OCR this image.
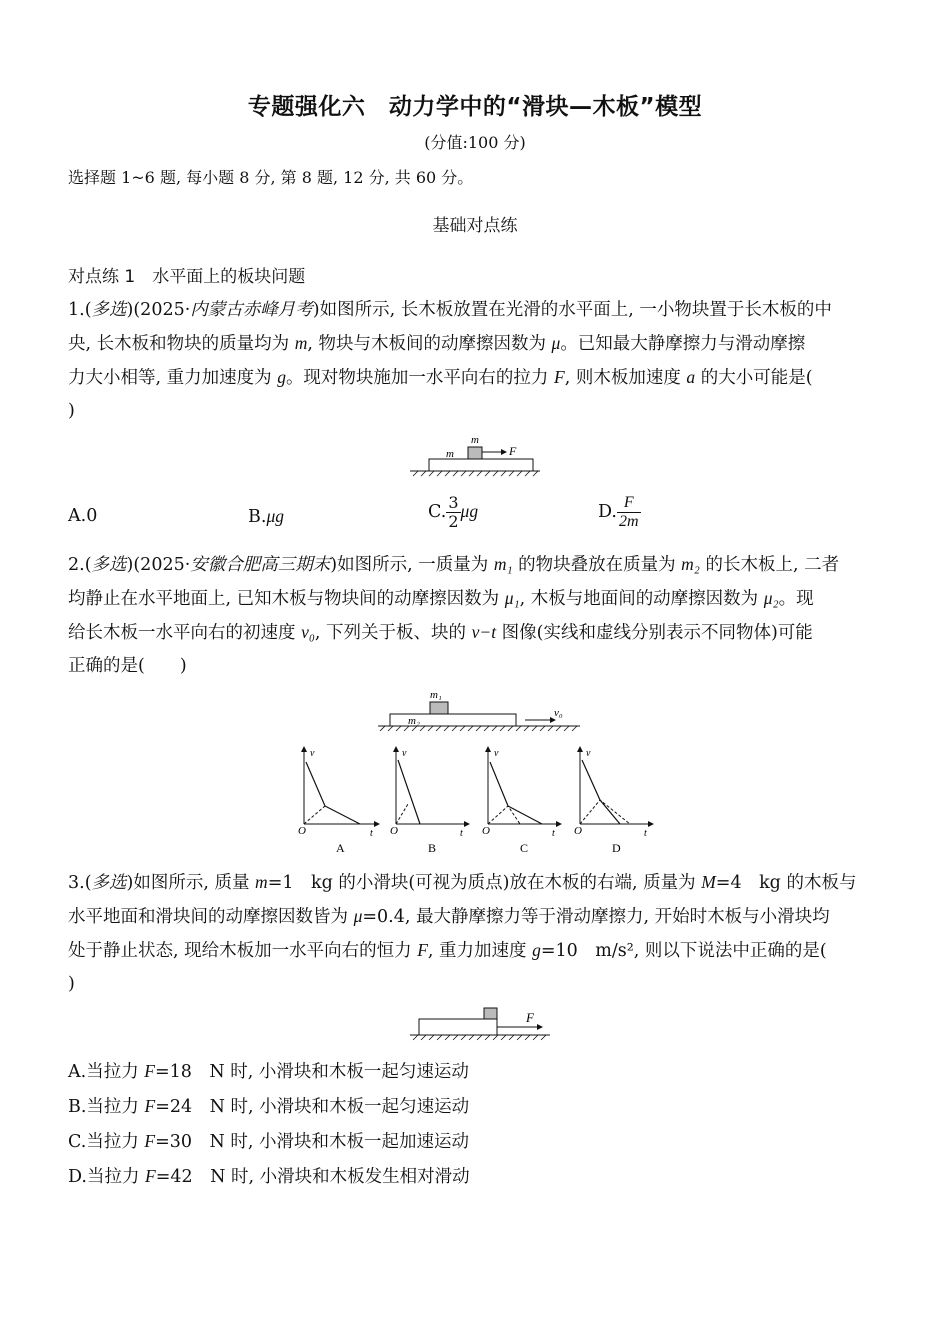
专题强化六　动力学中的“滑块—木板”模型
(分值:100 分)
选择题 1~6 题, 每小题 8 分, 第 8 题, 12 分, 共 60 分。
基础对点练
对点练 1　水平面上的板块问题
1.(多选)(2025·内蒙古赤峰月考)如图所示, 长木板放置在光滑的水平面上, 一小物块置于长木板的中
央, 长木板和物块的质量均为 m, 物块与木板间的动摩擦因数为 μ。已知最大静摩擦力与滑动摩擦
力大小相等, 重力加速度为 g。现对物块施加一水平向右的拉力 F, 则木板加速度 a 的大小可能是(
)
m
m	F
A.0	B.μg	C. $\frac{3}{2}$ μg	D. $\frac{F}{2m}$
2.(多选)(2025·安徽合肥高三期末)如图所示, 一质量为 m₁ 的物块叠放在质量为 m₂ 的长木板上, 二者
均静止在水平地面上, 已知木板与物块间的动摩擦因数为 μ₁, 木板与地面间的动摩擦因数为 μ₂。现
给长木板一水平向右的初速度 v₀, 下列关于板、块的 v−t 图像(实线和虚线分别表示不同物体)可能
正确的是(　　)
m₁
m₂
v₀
v
O	t
A
v
O	t
B
v
O	t
C
v
O	t
D
3.(多选)如图所示, 质量 m=1　kg 的小滑块(可视为质点)放在木板的右端, 质量为 M=4　kg 的木板与
水平地面和滑块间的动摩擦因数皆为 μ=0.4, 最大静摩擦力等于滑动摩擦力, 开始时木板与小滑块均
处于静止状态, 现给木板加一水平向右的恒力 F, 重力加速度 g=10　m/s², 则以下说法中正确的是(
)
F
A.当拉力 F=18　N 时, 小滑块和木板一起匀速运动
B.当拉力 F=24　N 时, 小滑块和木板一起匀速运动
C.当拉力 F=30　N 时, 小滑块和木板一起加速运动
D.当拉力 F=42　N 时, 小滑块和木板发生相对滑动
